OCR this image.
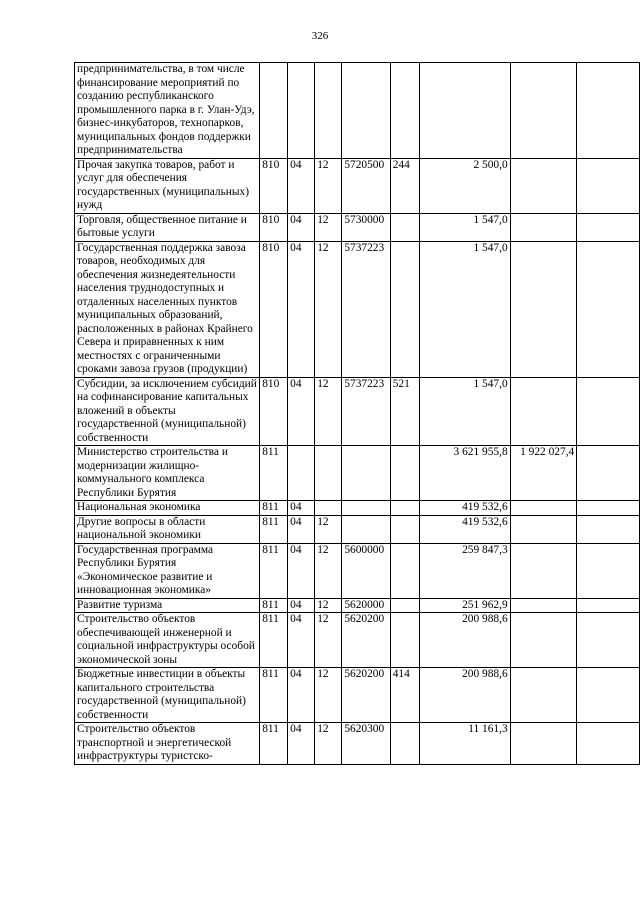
326
предпринимательства, в том числе финансирование мероприятий по созданию республиканского промышленного парка в г. Улан-Удэ, бизнес-инкубаторов, технопарков, муниципальных фондов поддержки предпринимательства								
Прочая закупка товаров, работ и услуг для обеспечения государственных (муниципальных) нужд	810	04	12	5720500	244	2 500,0		
Торговля, общественное питание и бытовые услуги	810	04	12	5730000		1 547,0		
Государственная поддержка завоза товаров, необходимых для обеспечения жизнедеятельности населения труднодоступных и отдаленных населенных пунктов муниципальных образований, расположенных в районах Крайнего Севера и приравненных к ним местностях с ограниченными сроками завоза грузов (продукции)	810	04	12	5737223		1 547,0		
Субсидии, за исключением субсидий на софинансирование капитальных вложений в объекты государственной (муниципальной) собственности	810	04	12	5737223	521	1 547,0		
Министерство строительства и модернизации жилищно-коммунального комплекса Республики Бурятия	811					3 621 955,8	1 922 027,4	
Национальная экономика	811	04				419 532,6		
Другие вопросы в области национальной экономики	811	04	12			419 532,6		
Государственная программа Республики Бурятия «Экономическое развитие и инновационная экономика»	811	04	12	5600000		259 847,3		
Развитие туризма	811	04	12	5620000		251 962,9		
Строительство объектов обеспечивающей инженерной и социальной инфраструктуры особой экономической зоны	811	04	12	5620200		200 988,6		
Бюджетные инвестиции в объекты капитального строительства государственной (муниципальной) собственности	811	04	12	5620200	414	200 988,6		
Строительство объектов транспортной и энергетической инфраструктуры туристско-	811	04	12	5620300		11 161,3		
